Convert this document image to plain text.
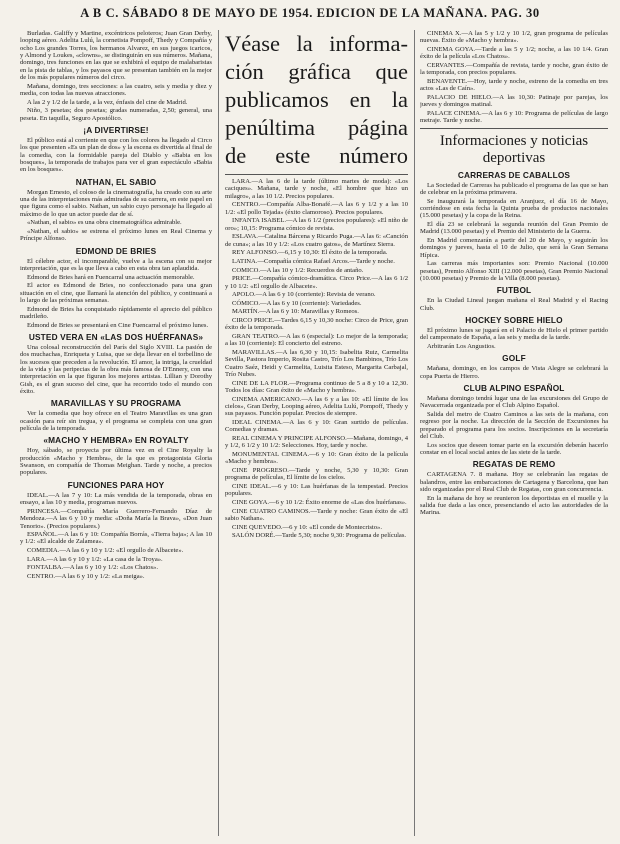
A B C. SÁBADO 8 DE MAYO DE 1954. EDICION DE LA MAÑANA. PAG. 30

Burladas. Galiffy y Martine, excéntricos peloteros; Juan Gran Derby, looping aéreo. Adelita Lulú, la cornetista Pompoff, Thedy y Compañía y ocho Los grandes Torres, los hermanos Alvarez, en sus juegos icaricos, y Almond y Loukes, «clowns», se distinguirán en sus números. Mañana, domingo, tres funciones en las que se exhibirá el equipo de malabaristas en la pista de tablas, y los payasos que se presentan también en la mejor de los más populares números del circo.

Mañana, domingo, tres secciones: a las cuatro, seis y media y diez y media, con todas las nuevas atracciones.

A las 2 y 1/2 de la tarde, a la vez, énfasis del cine de Madrid.

Niño, 3 pesetas; dos pesetas; gradas numeradas, 2,50; general, una peseta. En taquilla, Seguro Apostólico.

¡A DIVERTIRSE!

El público está al corriente en que con los colores ha llegado al Circo los que presenten «Es un plan de dos» y la escena es divertida al final de la comedia, con la formidable pareja del Diablo y «Babia en los bosques», la temporada de trabajos para ver el gran espectáculo «Babia en los bosques».

NATHAN, EL SABIO

Morgan Ernesto, el coloso de la cinematografía, ha creado con su arte una de las interpretaciones más admiradas de su carrera, en este papel en que figura como el sabio. Nathan, un sabio cuyo personaje ha llegado al máximo de lo que un actor puede dar de sí.

«Nathan, el sabio» es una obra cinematográfica admirable.

«Nathan, el sabio» se estrena el próximo lunes en Real Cinema y Príncipe Alfonso.

EDMOND DE BRIES

El célebre actor, el incomparable, vuelve a la escena con su mejor interpretación, que es la que lleva a cabo en esta obra tan aplaudida.

Edmond de Bries hará en Fuencarral una actuación memorable.

El actor es Edmond de Bries, no confeccionado para una gran situación en el cine, que llamará la atención del público, y continuará a lo largo de las próximas semanas.

Edmond de Bries ha conquistado rápidamente el aprecio del público madrileño.

Edmond de Bries se presentará en Cine Fuencarral el próximo lunes.

USTED VERA EN «LAS DOS HUÉRFANAS»

Una colosal reconstrucción del París del Siglo XVIII. La pasión de dos muchachas, Enriqueta y Luisa, que se deja llevar en el torbellino de los sucesos que preceden a la revolución. El amor, la intriga, la crueldad de la vida y las peripecias de la obra más famosa de D'Ennery, con una interpretación en la que figuran los mejores artistas. Lillian y Dorothy Gish, es el gran suceso del cine, que ha recorrido todo el mundo con éxito.

MARAVILLAS Y SU PROGRAMA

Ver la comedia que hoy ofrece en el Teatro Maravillas es una gran ocasión para reír sin tregua, y el programa se completa con una gran película de la temporada.

«MACHO Y HEMBRA» EN ROYALTY

Hoy, sábado, se proyecta por última vez en el Cine Royalty la producción «Macho y Hembra», de la que es protagonista Gloria Swanson, en compañía de Thomas Meighan. Tarde y noche, a precios populares.

FUNCIONES PARA HOY

IDEAL.—A las 7 y 10: La más vendida de la temporada, obras en ensayo, a las 10 y media, programas nuevos.

PRINCESA.—Compañía María Guerrero-Fernando Díaz de Mendoza.—A las 6 y 10 y media: «Doña María la Brava», «Don Juan Tenorio». (Precios populares.)

ESPAÑOL.—A las 6 y 10: Compañía Borrás, «Tierra baja»; A las 10 y 1/2: «El alcalde de Zalamea».

COMEDIA.—A las 6 y 10 y 1/2: «El orgullo de Albacete».

LARA.—A las 6 y 10 y 1/2: «La casa de la Troya».

FONTALBA.—A las 6 y 10 y 1/2: «Los Chatos».

CENTRO.—A las 6 y 10 y 1/2: «La meiga».

Véase la informa-
ción gráfica que
publicamos en la
penúltima página
de este número

LARA.—A las 6 de la tarde (último martes de moda): «Los caciques». Mañana, tarde y noche, «El hombre que hizo un milagro», a las 10 1/2. Precios populares.

CENTRO.—Compañía Alba-Bonafé.—A las 6 y 1/2 y a las 10 1/2: «El pollo Tejada» (éxito clamoroso). Precios populares.

INFANTA ISABEL.—A las 6 1/2 (precios populares): «El niño de oro»; 10,15: Programa cómico de revista.

ESLAVA.—Catalina Bárcena y Ricardo Puga.—A las 6: «Canción de cuna»; a las 10 y 1/2: «Los cuatro gatos», de Martínez Sierra.

REY ALFONSO.—6,15 y 10,30: El éxito de la temporada.

LATINA.—Compañía cómica Rafael Arcos.—Tarde y noche.

COMICO.—A las 10 y 1/2: Recuerdos de antaño.

PRICE.—Compañía cómico-dramática. Circo Price.—A las 6 1/2 y 10 1/2: «El orgullo de Albacete».

APOLO.—A las 6 y 10 (corriente): Revista de verano.

CÓMICO.—A las 6 y 10 (corriente): Variedades.

MARTÍN.—A las 6 y 10: Maravillas y Romeos.

CIRCO PRICE.—Tardes 6,15 y 10,30 noche: Circo de Price, gran éxito de la temporada.

GRAN TEATRO.—A las 6 (especial): Lo mejor de la temporada; a las 10 (corriente): El concierto del estreno.

MARAVILLAS.—A las 6,30 y 10,15: Isabelita Ruiz, Carmelita Sevilla, Pastora Imperio, Rosita Castro, Trío Los Bambinos, Trío Los Cuatro Saéz, Heidi y Carmelita, Luisita Esteso, Margarita Carbajal, Trío Nubes.

CINE DE LA FLOR.—Programa continuo de 5 a 8 y 10 a 12,30. Todos los días: Gran éxito de «Macho y hembra».

CINEMA AMERICANO.—A las 6 y a las 10: «El límite de los cielos», Gran Derby, Looping aéreo, Adelita Lulú, Pompoff, Thedy y sus payasos. Función popular. Precios de siempre.

IDEAL CINEMA.—A las 6 y 10: Gran surtido de películas. Comedias y dramas.

REAL CINEMA Y PRINCIPE ALFONSO.—Mañana, domingo, 4 y 1/2, 6 1/2 y 10 1/2: Selecciones. Hoy, tarde y noche.

MONUMENTAL CINEMA.—6 y 10: Gran éxito de la película «Macho y hembra».

CINE PROGRESO.—Tarde y noche, 5,30 y 10,30: Gran programa de películas, El límite de los cielos.

CINE IDEAL.—6 y 10: Las huérfanas de la tempestad. Precios populares.

CINE GOYA.—6 y 10 1/2: Éxito enorme de «Las dos huérfanas».

CINE CUATRO CAMINOS.—Tarde y noche: Gran éxito de «El sabio Nathan».

CINE QUEVEDO.—6 y 10: «El conde de Montecristo».

SALÓN DORÉ.—Tarde 5,30; noche 9,30: Programa de películas.

CINEMA X.—A las 5 y 1/2 y 10 1/2, gran programa de películas nuevas. Éxito de «Macho y hembra».

CINEMA GOYA.—Tarde a las 5 y 1/2; noche, a las 10 1/4. Gran éxito de la película «Los Chatos».

CERVANTES.—Compañía de revista, tarde y noche, gran éxito de la temporada, con precios populares.

BENAVENTE.—Hoy, tarde y noche, estreno de la comedia en tres actos «Las de Caín».

PALACIO DE HIELO.—A las 10,30: Patinaje por parejas, los jueves y domingos matinal.

PALACE CINEMA.—A las 6 y 10: Programa de películas de largo metraje. Tarde y noche.

Informaciones y noticias deportivas
CARRERAS DE CABALLOS

La Sociedad de Carreras ha publicado el programa de las que se han de celebrar en la próxima primavera.

Se inaugurará la temporada en Aranjuez, el día 16 de Mayo, corriéndose en esta fecha la Quinta prueba de productos nacionales (15.000 pesetas) y la copa de la Reina.

El día 23 se celebrará la segunda reunión del Gran Premio de Madrid (13.000 pesetas) y el Premio del Ministerio de la Guerra.

En Madrid comenzarán a partir del 20 de Mayo, y seguirán los domingos y jueves, hasta el 10 de Julio, que será la Gran Semana Hípica.

Las carreras más importantes son: Premio Nacional (10.000 pesetas), Premio Alfonso XIII (12.000 pesetas), Gran Premio Nacional (10.000 pesetas) y Premio de la Villa (8.000 pesetas).

FUTBOL

En la Ciudad Lineal juegan mañana el Real Madrid y el Racing Club.

HOCKEY SOBRE HIELO

El próximo lunes se jugará en el Palacio de Hielo el primer partido del campeonato de España, a las seis y media de la tarde.

Arbitrarán Los Angustios.

GOLF

Mañana, domingo, en los campos de Vista Alegre se celebrará la copa Puerta de Hierro.

CLUB ALPINO ESPAÑOL

Mañana domingo tendrá lugar una de las excursiones del Grupo de Navacerrada organizada por el Club Alpino Español.

Salida del metro de Cuatro Caminos a las seis de la mañana, con regreso por la noche. La dirección de la Sección de Excursiones ha preparado el programa para los socios. Inscripciones en la secretaría del Club.

Los socios que deseen tomar parte en la excursión deberán hacerlo constar en el local social antes de las siete de la tarde.

REGATAS DE REMO

CARTAGENA 7. 8 mañana. Hoy se celebrarán las regatas de balandros, entre las embarcaciones de Cartagena y Barcelona, que han sido organizadas por el Real Club de Regatas, con gran concurrencia.

En la mañana de hoy se reunieron los deportistas en el muelle y la salida fue dada a las once, presenciando el acto las autoridades de la Marina.
